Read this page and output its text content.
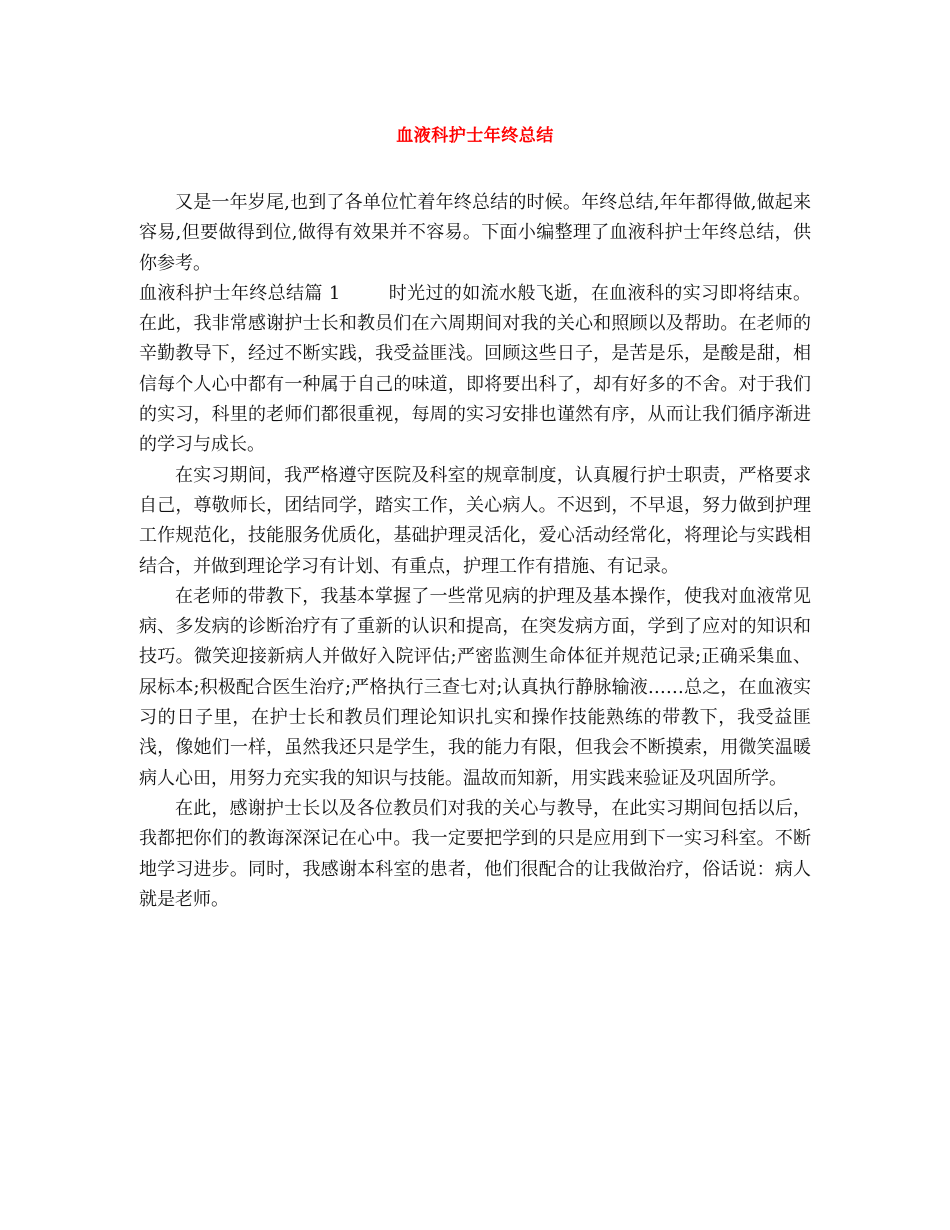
血液科护士年终总结

又是一年岁尾,也到了各单位忙着年终总结的时候。年终总结,年年都得做,做起来容易,但要做得到位,做得有效果并不容易。下面小编整理了血液科护士年终总结，供你参考。

血液科护士年终总结篇 1	时光过的如流水般飞逝，在血液科的实习即将结束。在此，我非常感谢护士长和教员们在六周期间对我的关心和照顾以及帮助。在老师的辛勤教导下，经过不断实践，我受益匪浅。回顾这些日子，是苦是乐，是酸是甜，相信每个人心中都有一种属于自己的味道，即将要出科了，却有好多的不舍。对于我们的实习，科里的老师们都很重视，每周的实习安排也谨然有序，从而让我们循序渐进的学习与成长。

在实习期间，我严格遵守医院及科室的规章制度，认真履行护士职责，严格要求自己，尊敬师长，团结同学，踏实工作，关心病人。不迟到，不早退，努力做到护理工作规范化，技能服务优质化，基础护理灵活化，爱心活动经常化，将理论与实践相结合，并做到理论学习有计划、有重点，护理工作有措施、有记录。

在老师的带教下，我基本掌握了一些常见病的护理及基本操作，使我对血液常见病、多发病的诊断治疗有了重新的认识和提高，在突发病方面，学到了应对的知识和技巧。微笑迎接新病人并做好入院评估;严密监测生命体征并规范记录;正确采集血、尿标本;积极配合医生治疗;严格执行三查七对;认真执行静脉输液……总之，在血液实习的日子里，在护士长和教员们理论知识扎实和操作技能熟练的带教下，我受益匪浅，像她们一样，虽然我还只是学生，我的能力有限，但我会不断摸索，用微笑温暖病人心田，用努力充实我的知识与技能。温故而知新，用实践来验证及巩固所学。

在此，感谢护士长以及各位教员们对我的关心与教导，在此实习期间包括以后，我都把你们的教诲深深记在心中。我一定要把学到的只是应用到下一实习科室。不断地学习进步。同时，我感谢本科室的患者，他们很配合的让我做治疗，俗话说：病人就是老师。
